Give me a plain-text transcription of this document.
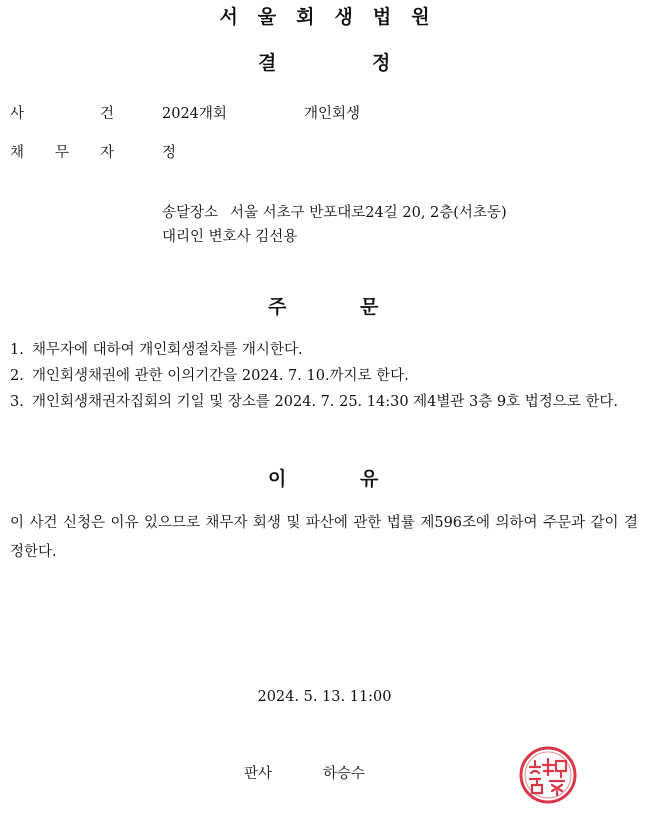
서울회생법원
결	정
사	건	2024개회	개인회생
채 무 자	정
송달장소 서울 서초구 반포대로24길 20, 2층(서초동)
대리인 변호사 김선용
주	문
1. 채무자에 대하여 개인회생절차를 개시한다.
2. 개인회생채권에 관한 이의기간을 2024. 7. 10.까지로 한다.
3. 개인회생채권자집회의 기일 및 장소를 2024. 7. 25. 14:30 제4별관 3층 9호 법정으로 한다.
이	유
이 사건 신청은 이유 있으므로 채무자 회생 및 파산에 관한 법률 제596조에 의하여 주문과 같이 결정한다.
2024. 5. 13. 11:00
판사	하승수
